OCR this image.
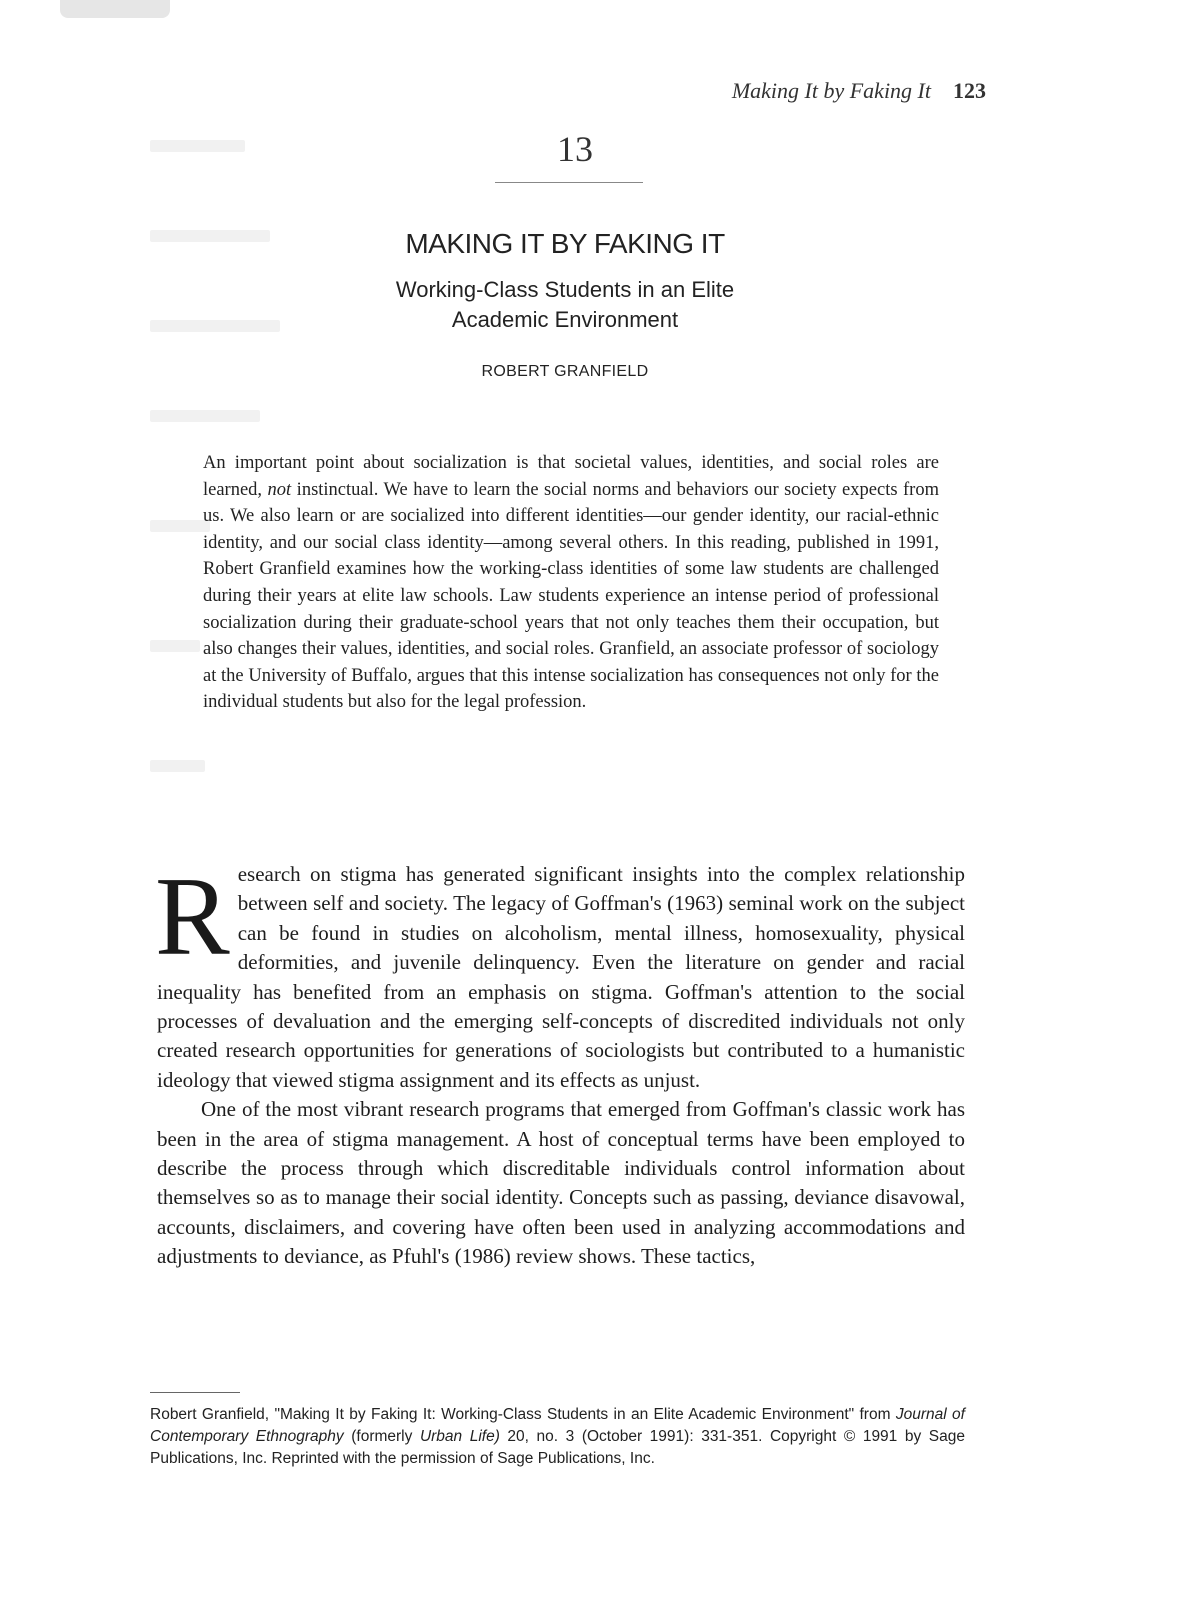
Making It by Faking It 123
13
MAKING IT BY FAKING IT
Working-Class Students in an Elite
Academic Environment
ROBERT GRANFIELD
An important point about socialization is that societal values, identities, and social roles are learned, not instinctual. We have to learn the social norms and behaviors our society expects from us. We also learn or are socialized into different identities—our gender identity, our racial-ethnic identity, and our social class identity—among several others. In this reading, published in 1991, Robert Granfield examines how the working-class identities of some law students are challenged during their years at elite law schools. Law students experience an intense period of professional socialization during their graduate-school years that not only teaches them their occupation, but also changes their values, identities, and social roles. Granfield, an associate professor of sociology at the University of Buffalo, argues that this intense socialization has consequences not only for the individual students but also for the legal profession.

Research on stigma has generated significant insights into the complex relationship between self and society. The legacy of Goffman's (1963) seminal work on the subject can be found in studies on alcoholism, mental illness, homosexuality, physical deformities, and juvenile delinquency. Even the literature on gender and racial inequality has benefited from an emphasis on stigma. Goffman's attention to the social processes of devaluation and the emerging self-concepts of discredited individuals not only created research opportunities for generations of sociologists but contributed to a humanistic ideology that viewed stigma assignment and its effects as unjust.

One of the most vibrant research programs that emerged from Goffman's classic work has been in the area of stigma management. A host of conceptual terms have been employed to describe the process through which discreditable individuals control information about themselves so as to manage their social identity. Concepts such as passing, deviance disavowal, accounts, disclaimers, and covering have often been used in analyzing accommodations and adjustments to deviance, as Pfuhl's (1986) review shows. These tactics,

Robert Granfield, "Making It by Faking It: Working-Class Students in an Elite Academic Environment" from Journal of Contemporary Ethnography (formerly Urban Life) 20, no. 3 (October 1991): 331-351. Copyright © 1991 by Sage Publications, Inc. Reprinted with the permission of Sage Publications, Inc.
